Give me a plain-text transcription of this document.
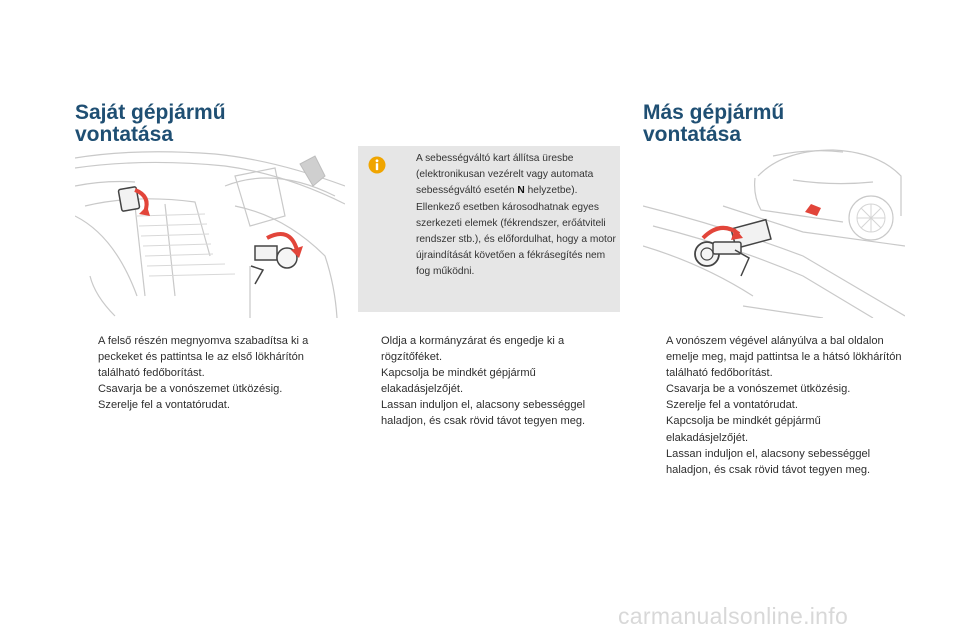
Saját gépjármű
vontatása
Más gépjármű
vontatása

A sebességváltó kart állítsa üresbe (elektronikusan vezérelt vagy automata sebességváltó esetén N helyzetbe). Ellenkező esetben károsodhatnak egyes szerkezeti elemek (fékrendszer, erőátviteli rendszer stb.), és előfordulhat, hogy a motor újraindítását követően a fékrásegítés nem fog működni.

A felső részén megnyomva szabadítsa ki a peckeket és pattintsa le az első lökhárítón található fedőborítást.
Csavarja be a vonószemet ütközésig.
Szerelje fel a vontatórudat.
Oldja a kormányzárat és engedje ki a rögzítőféket.
Kapcsolja be mindkét gépjármű elakadásjelzőjét.
Lassan induljon el, alacsony sebességgel haladjon, és csak rövid távot tegyen meg.
A vonószem végével alányúlva a bal oldalon emelje meg, majd pattintsa le a hátsó lökhárítón található fedőborítást.
Csavarja be a vonószemet ütközésig.
Szerelje fel a vontatórudat.
Kapcsolja be mindkét gépjármű elakadásjelzőjét.
Lassan induljon el, alacsony sebességgel haladjon, és csak rövid távot tegyen meg.
carmanualsonline.info
